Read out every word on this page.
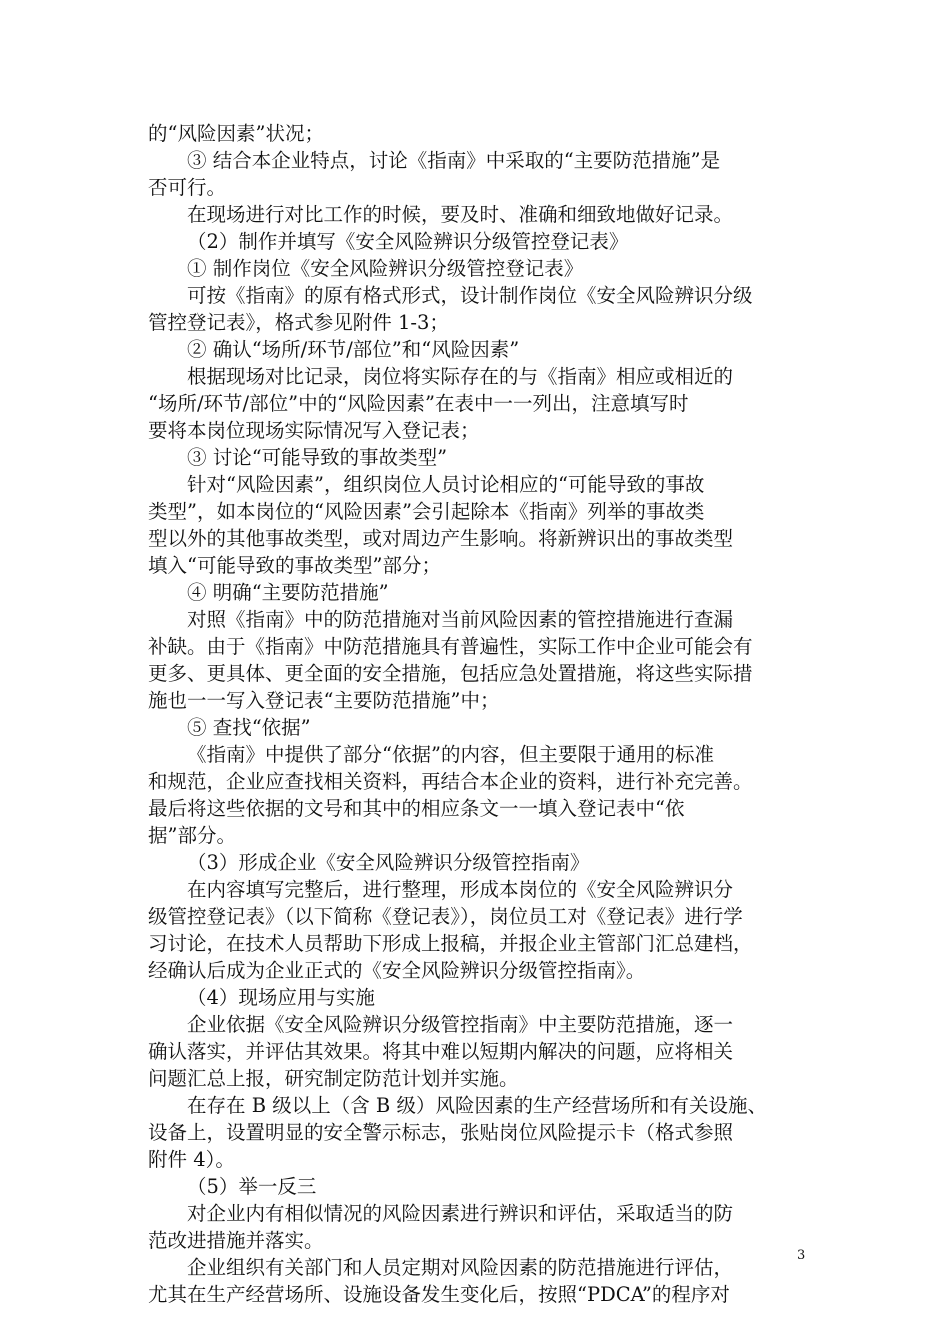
的“风险因素”状况；
③ 结合本企业特点，讨论《指南》中采取的“主要防范措施”是
否可行。
在现场进行对比工作的时候，要及时、准确和细致地做好记录。
（2）制作并填写《安全风险辨识分级管控登记表》
① 制作岗位《安全风险辨识分级管控登记表》
可按《指南》的原有格式形式，设计制作岗位《安全风险辨识分级
管控登记表》，格式参见附件 1-3；
② 确认“场所/环节/部位”和“风险因素”
根据现场对比记录，岗位将实际存在的与《指南》相应或相近的
“场所/环节/部位”中的“风险因素”在表中一一列出，注意填写时
要将本岗位现场实际情况写入登记表；
③ 讨论“可能导致的事故类型”
针对“风险因素”，组织岗位人员讨论相应的“可能导致的事故
类型”，如本岗位的“风险因素”会引起除本《指南》列举的事故类
型以外的其他事故类型，或对周边产生影响。将新辨识出的事故类型
填入“可能导致的事故类型”部分；
④ 明确“主要防范措施”
对照《指南》中的防范措施对当前风险因素的管控措施进行查漏
补缺。由于《指南》中防范措施具有普遍性，实际工作中企业可能会有
更多、更具体、更全面的安全措施，包括应急处置措施，将这些实际措
施也一一写入登记表“主要防范措施”中；
⑤ 查找“依据”
《指南》中提供了部分“依据”的内容，但主要限于通用的标准
和规范，企业应查找相关资料，再结合本企业的资料，进行补充完善。
最后将这些依据的文号和其中的相应条文一一填入登记表中“依
据”部分。
（3）形成企业《安全风险辨识分级管控指南》
在内容填写完整后，进行整理，形成本岗位的《安全风险辨识分
级管控登记表》（以下简称《登记表》），岗位员工对《登记表》进行学
习讨论，在技术人员帮助下形成上报稿，并报企业主管部门汇总建档，
经确认后成为企业正式的《安全风险辨识分级管控指南》。
（4）现场应用与实施
企业依据《安全风险辨识分级管控指南》中主要防范措施，逐一
确认落实，并评估其效果。将其中难以短期内解决的问题，应将相关
问题汇总上报，研究制定防范计划并实施。
在存在 B 级以上（含 B 级）风险因素的生产经营场所和有关设施、
设备上，设置明显的安全警示标志，张贴岗位风险提示卡（格式参照
附件 4）。
（5）举一反三
对企业内有相似情况的风险因素进行辨识和评估，采取适当的防
范改进措施并落实。
企业组织有关部门和人员定期对风险因素的防范措施进行评估，
尤其在生产经营场所、设施设备发生变化后，按照“PDCA”的程序对
3
